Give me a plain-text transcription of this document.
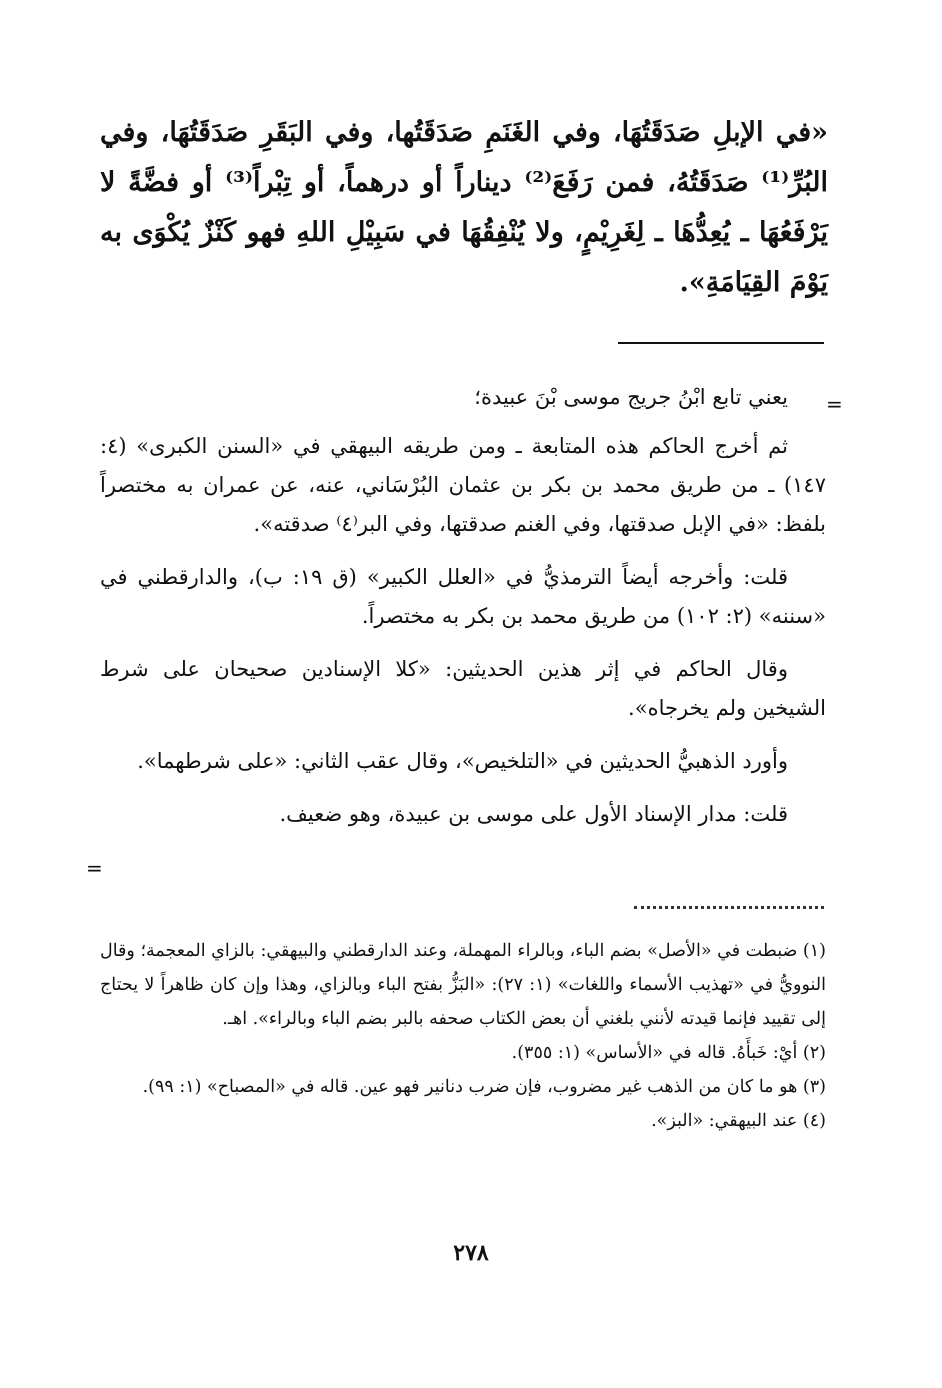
«في الإبلِ صَدَقَتُهَا، وفي الغَنَمِ صَدَقَتُها، وفي البَقَرِ صَدَقَتُهَا، وفي البُرِّ⁽¹⁾ صَدَقَتُهُ، فمن رَفَعَ⁽²⁾ ديناراً أو درهماً، أو تِبْراً⁽³⁾ أو فضَّةً لا يَرْفَعُهَا ـ يُعِدُّهَا ـ لِغَرِيْمٍ، ولا يُنْفِقُهَا في سَبِيْلِ اللهِ فهو كَنْزٌ يُكْوَى به يَوْمَ القِيَامَةِ».

=

يعني تابع ابْنُ جريج موسى بْنَ عبيدة؛

ثم أخرج الحاكم هذه المتابعة ـ ومن طريقه البيهقي في «السنن الكبرى» (٤: ١٤٧) ـ من طريق محمد بن بكر بن عثمان البُرْسَاني، عنه، عن عمران به مختصراً بلفظ: «في الإبل صدقتها، وفي الغنم صدقتها، وفي البر⁽٤⁾ صدقته».

قلت: وأخرجه أيضاً الترمذيُّ في «العلل الكبير» (ق ١٩: ب)، والدارقطني في «سننه» (٢: ١٠٢) من طريق محمد بن بكر به مختصراً.

وقال الحاكم في إثر هذين الحديثين: «كلا الإسنادين صحيحان على شرط الشيخين ولم يخرجاه».

وأورد الذهبيُّ الحديثين في «التلخيص»، وقال عقب الثاني: «على شرطهما».

قلت: مدار الإسناد الأول على موسى بن عبيدة، وهو ضعيف.

=

(١) ضبطت في «الأصل» بضم الباء، وبالراء المهملة، وعند الدارقطني والبيهقي: بالزاي المعجمة؛ وقال النوويُّ في «تهذيب الأسماء واللغات» (١: ٢٧): «البَزُّ بفتح الباء وبالزاي، وهذا وإن كان ظاهراً لا يحتاج إلى تقييد فإنما قيدته لأنني بلغني أن بعض الكتاب صحفه بالبر بضم الباء وبالراء». اهـ.

(٢) أيْ: خَبأَهُ. قاله في «الأساس» (١: ٣٥٥).

(٣) هو ما كان من الذهب غير مضروب، فإن ضرب دنانير فهو عين. قاله في «المصباح» (١: ٩٩).

(٤) عند البيهقي: «البز».

٢٧٨
